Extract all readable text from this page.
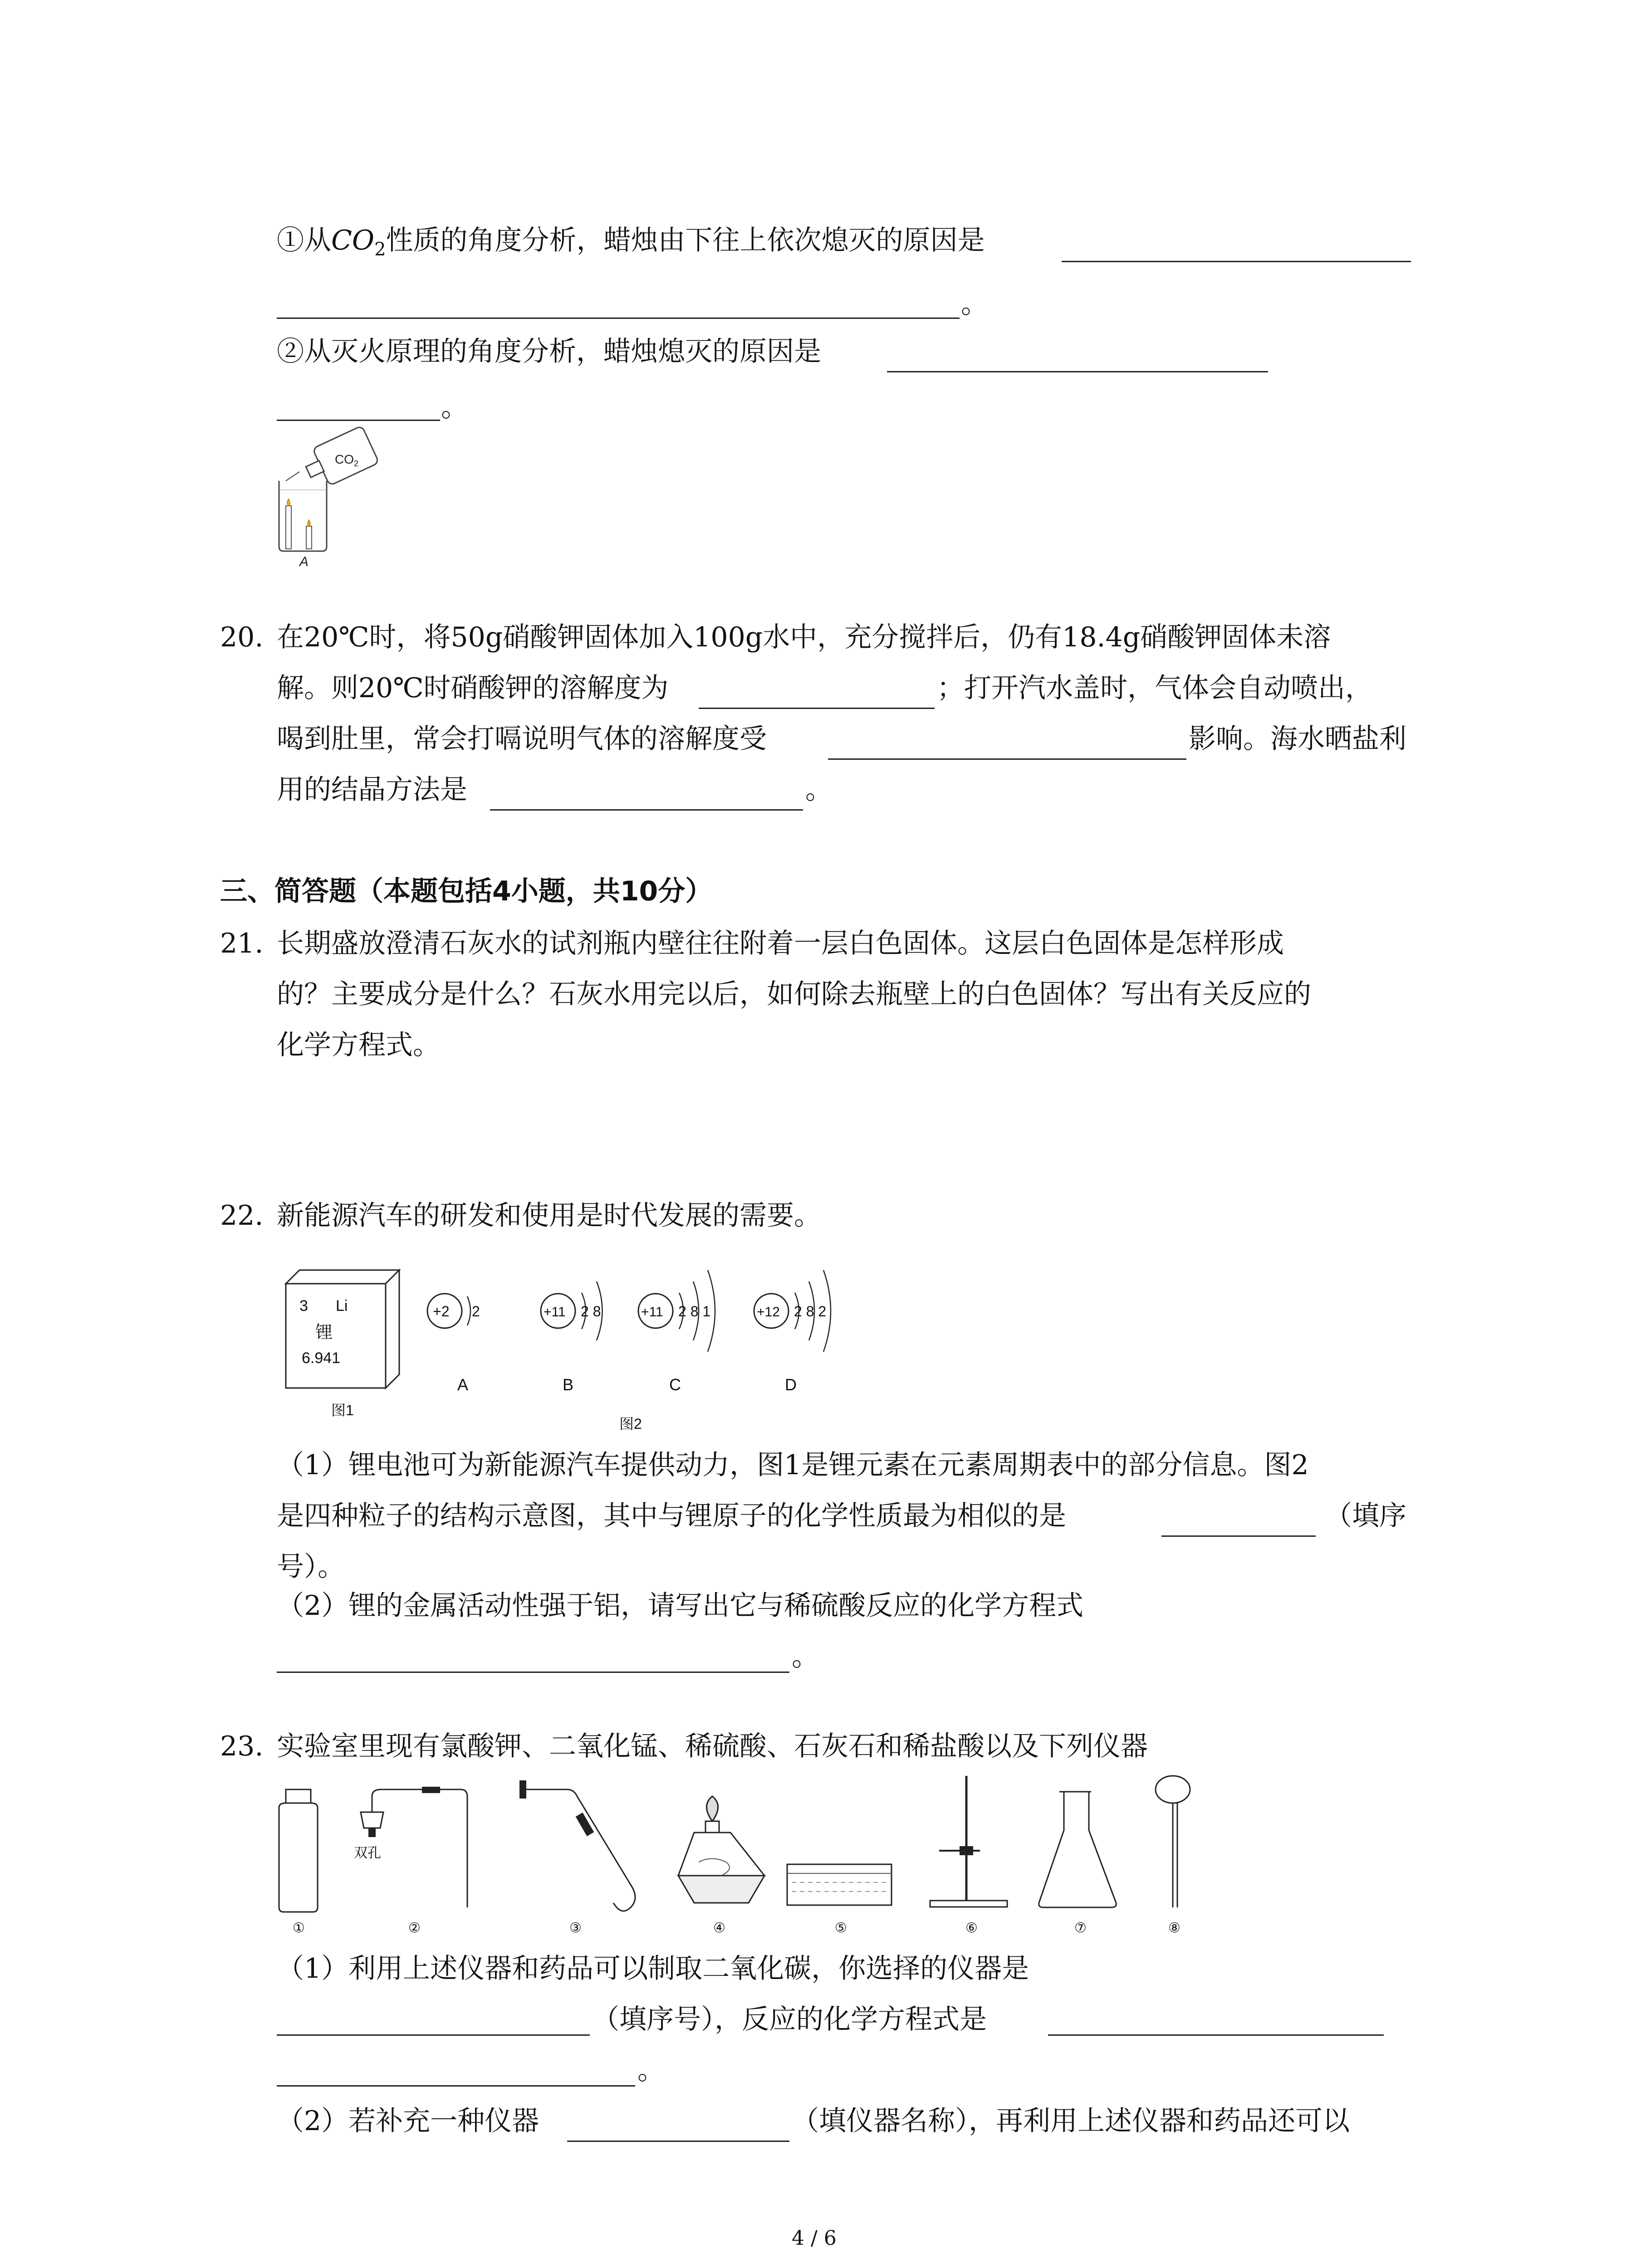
①从$CO_2$性质的角度分析，蜡烛由下往上依次熄灭的原因是
。
②从灭火原理的角度分析，蜡烛熄灭的原因是
。
$CO_2$
A
20. 在20℃时，将50g硝酸钾固体加入100g水中，充分搅拌后，仍有18.4g硝酸钾固体未溶
解。则20℃时硝酸钾的溶解度为	；打开汽水盖时，气体会自动喷出，
喝到肚里，常会打嗝说明气体的溶解度受	影响。海水晒盐利
用的结晶方法是	。
三、简答题（本题包括4小题，共10分）
21. 长期盛放澄清石灰水的试剂瓶内壁往往附着一层白色固体。这层白色固体是怎样形成
的？主要成分是什么？石灰水用完以后，如何除去瓶壁上的白色固体？写出有关反应的
化学方程式。
22. 新能源汽车的研发和使用是时代发展的需要。
3 Li
锂
6.941
图1
+2 2
A
+11 2 8
B
+11 2 8 1
C
+12 2 8 2
D
图2
（1）锂电池可为新能源汽车提供动力，图1是锂元素在元素周期表中的部分信息。图2
是四种粒子的结构示意图，其中与锂原子的化学性质最为相似的是	（填序
号）。
（2）锂的金属活动性强于铝，请写出它与稀硫酸反应的化学方程式
。
23. 实验室里现有氯酸钾、二氧化锰、稀硫酸、石灰石和稀盐酸以及下列仪器
①
双孔
②	③	④	⑤	⑥	⑦	⑧
（1）利用上述仪器和药品可以制取二氧化碳，你选择的仪器是
（填序号），反应的化学方程式是
。
（2）若补充一种仪器	（填仪器名称），再利用上述仪器和药品还可以
4 / 6
